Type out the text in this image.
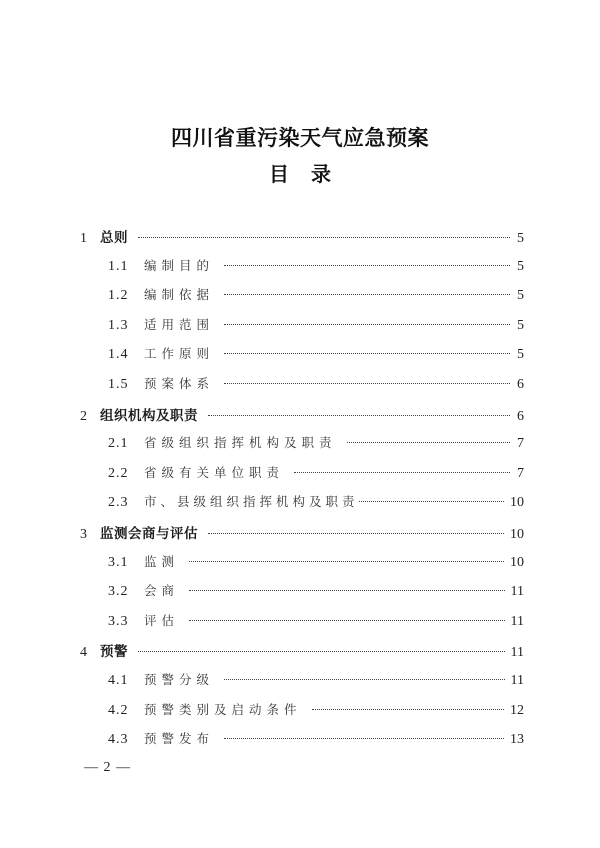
四川省重污染天气应急预案
目 录
1 总则	5
1.1	编制目的	5
1.2	编制依据	5
1.3	适用范围	5
1.4	工作原则	5
1.5	预案体系	6
2 组织机构及职责	6
2.1	省级组织指挥机构及职责	7
2.2	省级有关单位职责	7
2.3	市、县级组织指挥机构及职责	10
3 监测会商与评估	10
3.1	监测	10
3.2	会商	11
3.3	评估	11
4 预警	11
4.1	预警分级	11
4.2	预警类别及启动条件	12
4.3	预警发布	13
— 2 —
